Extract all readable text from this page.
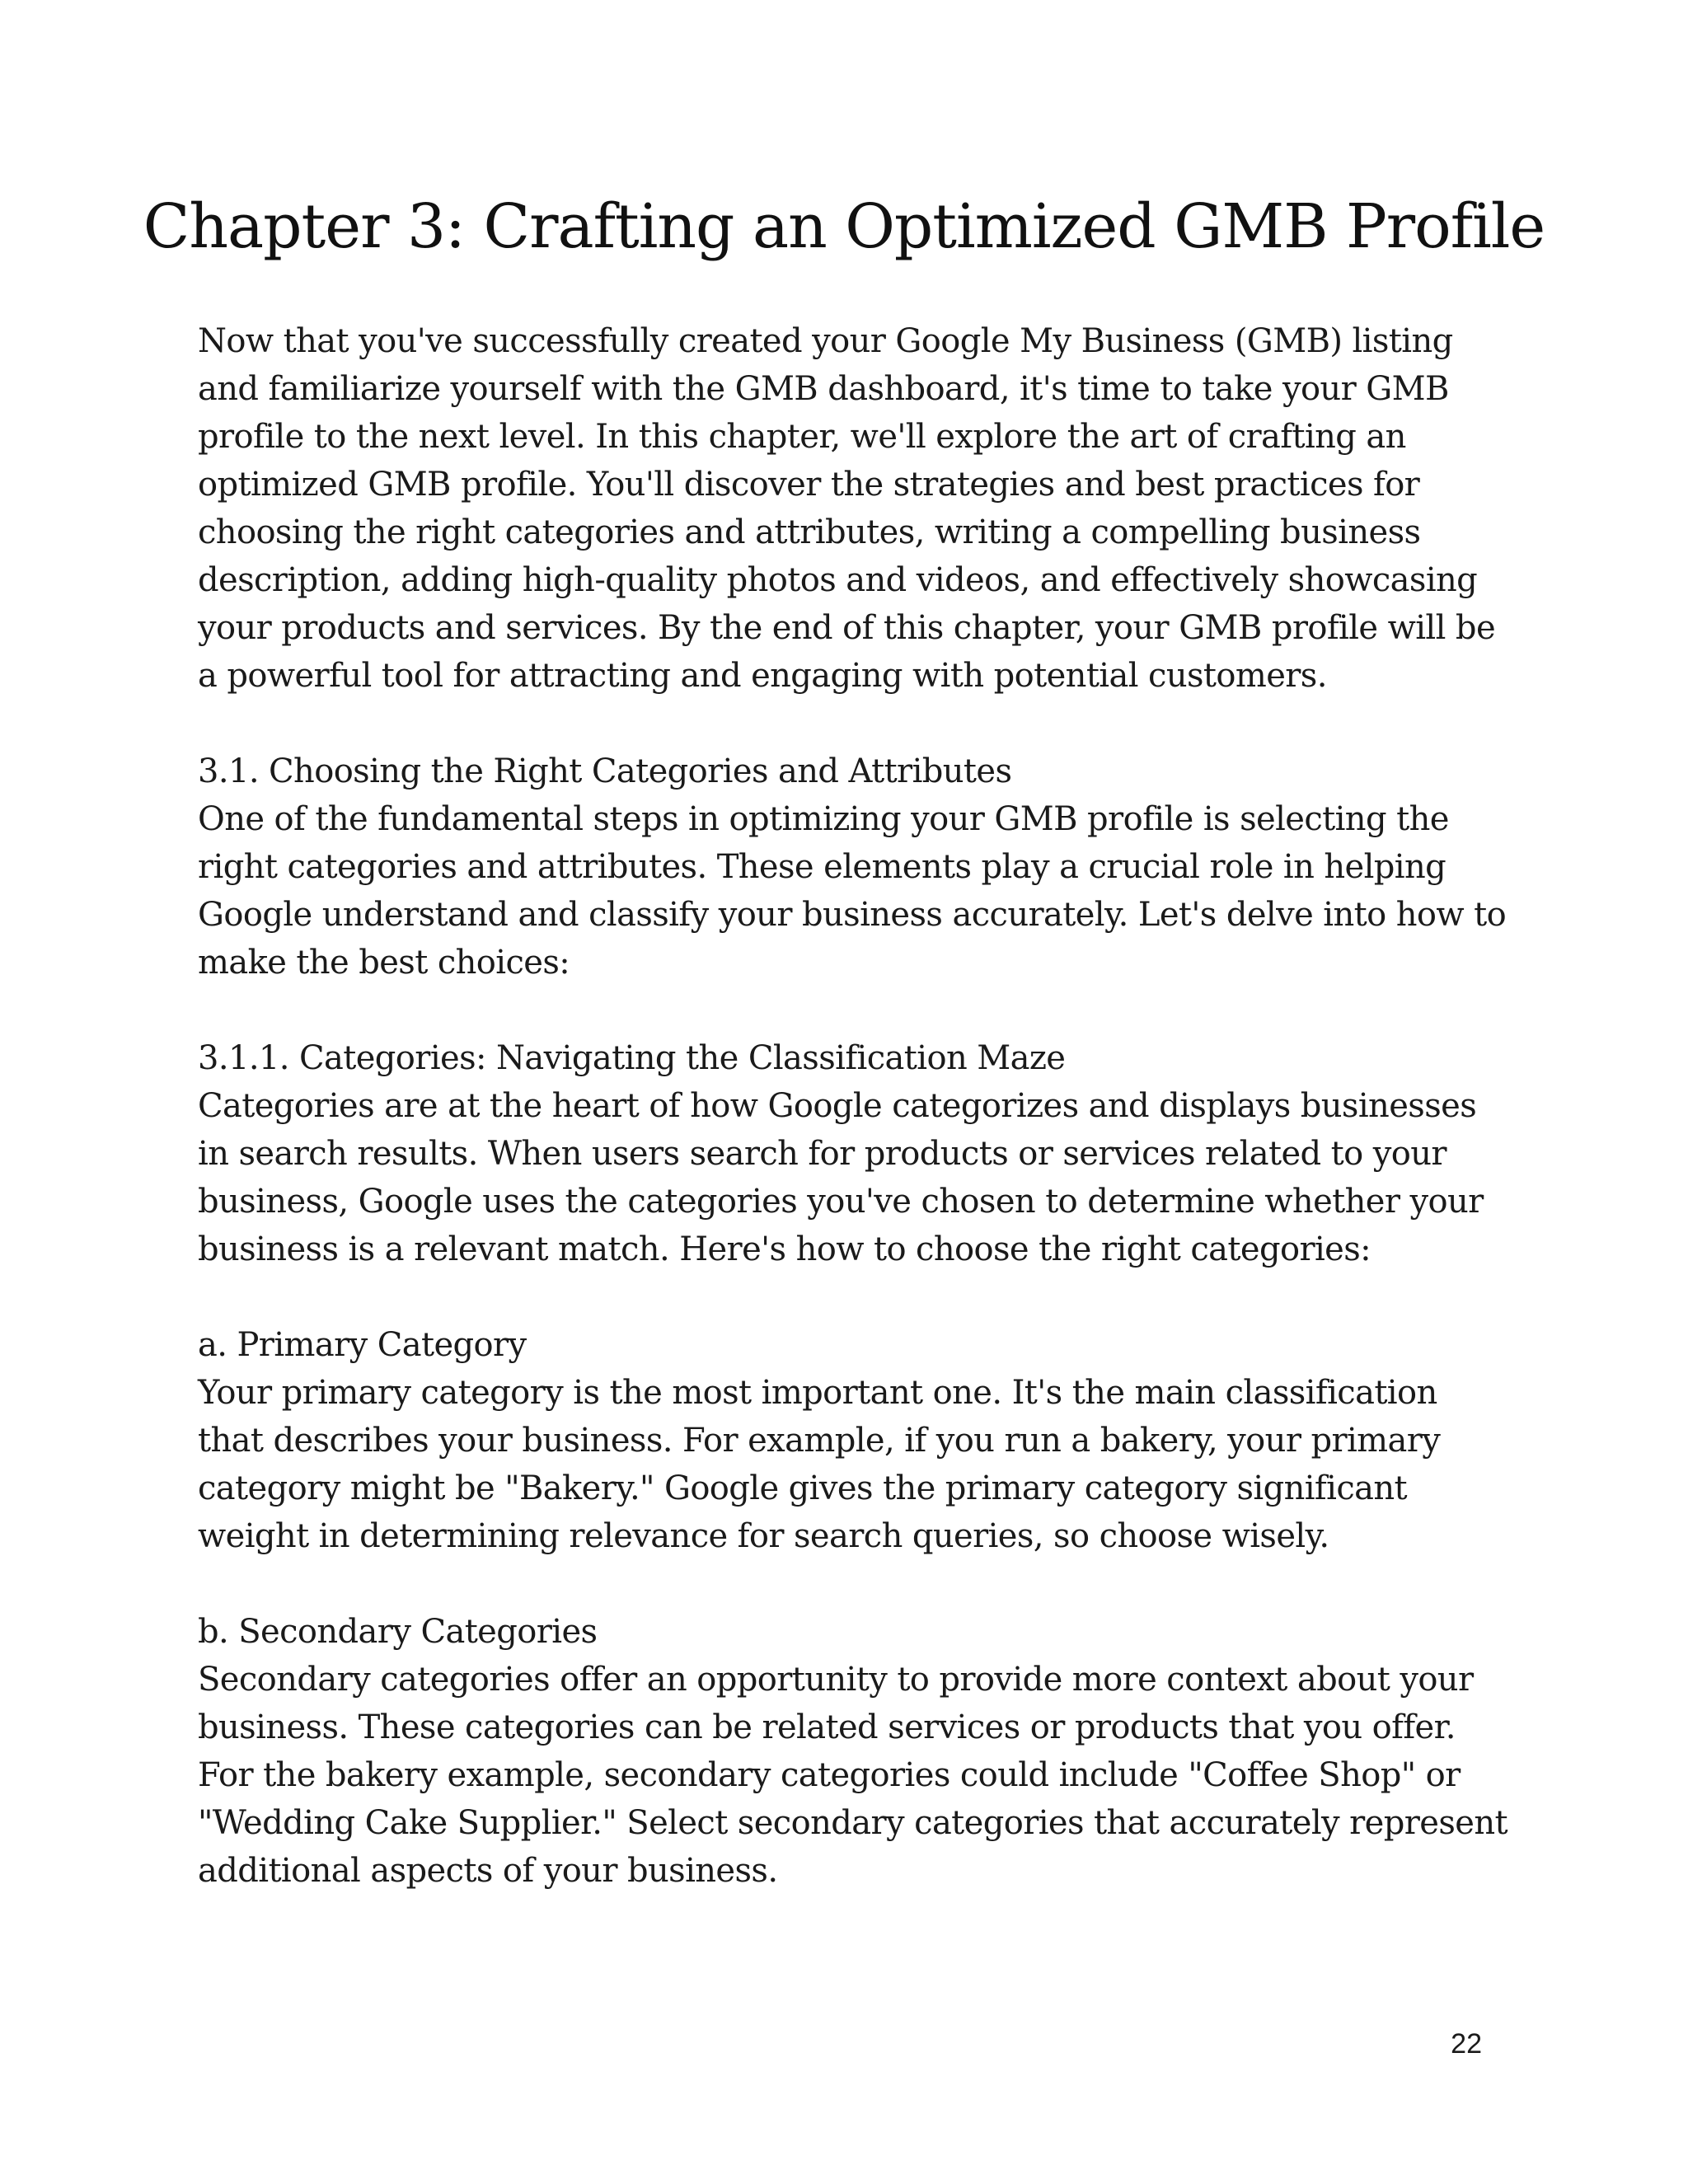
Chapter 3: Crafting an Optimized GMB Profile

Now that you've successfully created your Google My Business (GMB) listing and familiarize yourself with the GMB dashboard, it's time to take your GMB profile to the next level. In this chapter, we'll explore the art of crafting an optimized GMB profile. You'll discover the strategies and best practices for choosing the right categories and attributes, writing a compelling business description, adding high-quality photos and videos, and effectively showcasing your products and services. By the end of this chapter, your GMB profile will be a powerful tool for attracting and engaging with potential customers.

3.1. Choosing the Right Categories and Attributes

One of the fundamental steps in optimizing your GMB profile is selecting the right categories and attributes. These elements play a crucial role in helping Google understand and classify your business accurately. Let's delve into how to make the best choices:

3.1.1. Categories: Navigating the Classification Maze

Categories are at the heart of how Google categorizes and displays businesses in search results. When users search for products or services related to your business, Google uses the categories you've chosen to determine whether your business is a relevant match. Here's how to choose the right categories:

a. Primary Category

Your primary category is the most important one. It's the main classification that describes your business. For example, if you run a bakery, your primary category might be "Bakery." Google gives the primary category significant weight in determining relevance for search queries, so choose wisely.

b. Secondary Categories

Secondary categories offer an opportunity to provide more context about your business. These categories can be related services or products that you offer. For the bakery example, secondary categories could include "Coffee Shop" or "Wedding Cake Supplier." Select secondary categories that accurately represent additional aspects of your business.

22
